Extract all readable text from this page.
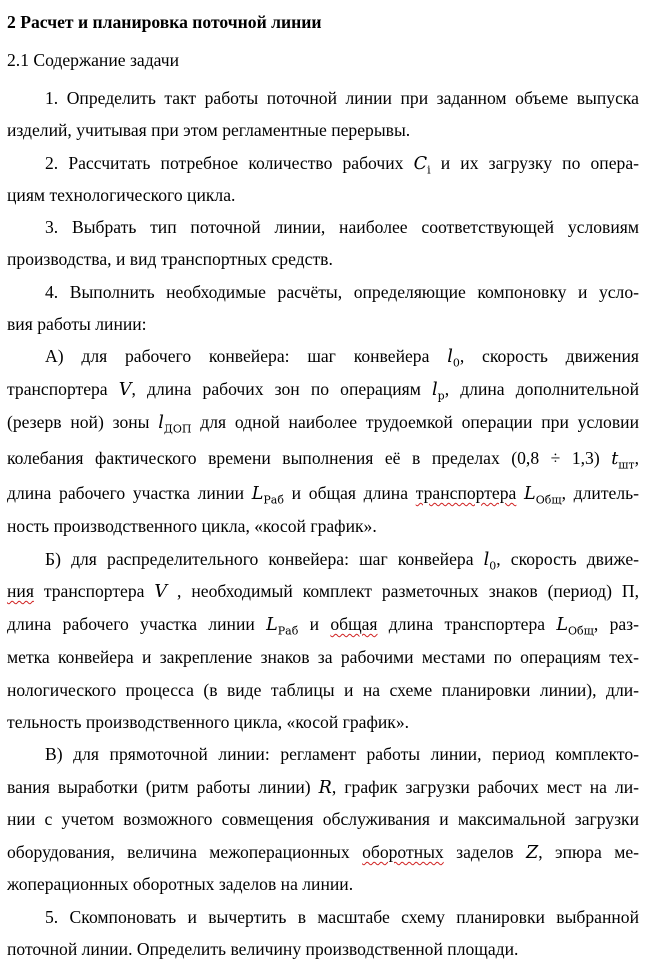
2 Расчет и планировка поточной линии
2.1 Содержание задачи
1. Определить такт работы поточной линии при заданном объеме выпуска
изделий, учитывая при этом регламентные перерывы.
2. Рассчитать потребное количество рабочих $C_i$ и их загрузку по опера-
циям технологического цикла.
3. Выбрать тип поточной линии, наиболее соответствующей условиям
производства, и вид транспортных средств.
4. Выполнить необходимые расчёты, определяющие компоновку и усло-
вия работы линии:
А) для рабочего конвейера: шаг конвейера $l_0$, скорость движения
транспортера V, длина рабочих зон по операциям $l_р$, длина дополнительной
(резерв ной) зоны $l_{ДОП}$ для одной наиболее трудоемкой операции при условии
колебания фактического времени выполнения её в пределах (0,8 ÷ 1,3) $t_{шт}$,
длина рабочего участка линии $L_{Раб}$ и общая длина транспортера $L_{Общ}$, длитель-
ность производственного цикла, «косой график».
Б) для распределительного конвейера: шаг конвейера $l_0$, скорость движе-
ния транспортера V , необходимый комплект разметочных знаков (период) П,
длина рабочего участка линии $L_{Раб}$ и общая длина транспортера $L_{Общ}$, раз-
метка конвейера и закрепление знаков за рабочими местами по операциям тех-
нологического процесса (в виде таблицы и на схеме планировки линии), дли-
тельность производственного цикла, «косой график».
В) для прямоточной линии: регламент работы линии, период комплекто-
вания выработки (ритм работы линии) R, график загрузки рабочих мест на ли-
нии с учетом возможного совмещения обслуживания и максимальной загрузки
оборудования, величина межоперационных оборотных заделов Z, эпюра ме-
жоперационных оборотных заделов на линии.
5. Скомпоновать и вычертить в масштабе схему планировки выбранной
поточной линии. Определить величину производственной площади.
